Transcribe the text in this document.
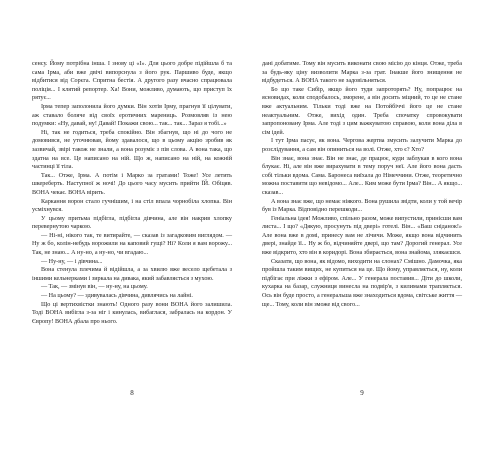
сенсу. Йому потрібна інша. І знову ці «І». Для цього добре підійшла б та сама Ірма, аби вже двічі випорснула з його рук. Паршиво буде, якщо відбитися від Сорєга. Спритна бестія. А другого разу вчасно спрацювала поліція... І клятий репортер. Ха! Вони, можливо, думають, що приступ їх рятує...

Ірма тепер заполонила його думки. Він хотів Ірму, прагнув її цілувати, аж ставало боляче від своїх еротичних марениць. Розмовляв із нею подумки: «Ну, давай, ну! Давай! Покажи свою... так... так... Зараз я тобі...»

Ні, так не годиться, треба спокійно. Він збагнув, що ні до чого не домовився, не уточнював, йому здавалося, що в цьому акцію зробив як зазвичай, звірі також не знали, а вона розуміє з пів слова. А вона така, що здатна на все. Це написано на ній. Що ж, написано на ній, на кожній частинці її тіла.

Так... Отже, Ірма. А потім і Марко за гратами! Тоже! Усе летить шкереберть. Наступної ж ночі! До цього часу мусить прийти ЇЙ. Обіцяв. ВОНА чекає. ВОНА вірить.

Каркання ворон стало гучнішим, і на стіл впала чорнобіла хлопка. Він усміхнувся.

У цьому притьма підбігла, підбігла дівчина, але він накрив хлопку перевернутою чаркою.

— Ні-ні, нікого так, те витирайте, — сказав із загадковим виглядом. — Ну ж бо, колін-небудь ворожили на каповий гущі? Ні? Коли я вам ворожу... Так, не знаю... А ну-но, а ну-но, чи вгадаю...

— Ну-ну, — і дівчина...

Вона стенула плечима й відійшла, а за хвилю вже весело щебетала з іншими кельнерками і зиркала на дивака, який забавляється з мухою.

— Так, — змінув він, — ну-ну, на цьому.

— На цьому? — здивувалась дівчина, дивлячись на лайні.

Що ці вертихвістки знають! Одного разу вони ВОНА його залишила. Тоді ВОНА вибігла з-за ніг і кинулась, вибаглася, забралась на кордон. У Європу! ВОНА дбала про нього.

8

дані добатиме. Тому він мусить виконати свою місію до кінця. Отже, треба за будь-яку ціну визволити Марка з-за грат. Інакше його знищення не відбудеться. А ВОНА такого не задовільняться.

Бо що таке Сибір, якщо його туди запроторять? Ну, попрацює на ясновидах, коли сподобалось, зморене, а він досить міцний, то це не стане вже актуальним. Тільки тоді вже на Потойбіччі його це не стане неактуальним. Отже, вихід один. Треба спочатку спровокувати запропоновану Ірма. Але тоді з цим важкуватою справою, коли вона діла в сім ідей.

І тут Ірма пасує, як вона. Черговa жертва змусить залучити Марка до розслідування, а сам він опиниться на волі. Отже, хто є? Хто?

Він знає, вона знає. Він не знає, де працює, куди заблукав в кого вона блукає. Ні, але він вже вирахувати в тему поруч неї. Але його вона дасть собі тільки вдома. Сама. Баронеса виїхала до Німеччини. Отже, теоретично можна поставити що невідомо... Але... Ким може бути Ірма? Він... А якщо... сказав...

А вона знає вже, що немає ніякого. Вона рушила звідти, коли у той вечір був із Марка. Відповідно перешкоди...

Геніальна ідея! Можливо, спільно разом, може випустили, принісши вам листа... І що? «Дякую, просунуть під двері» готелі. Він... «Ваш сніданок!» Але вона вже в домі, принесу вам не лічичи. Може, якщо вона відчинить двері, знайде її... Ну ж бо, відчиняйте двері, що там? Дорогий генерал. Усе вже відкрито, хто він в коридорі. Вона збирається, вона знайома, злякаєшся.

Сказати, що вона, як відомо, виходити на слонах? Смішно. Дамочка, яка пройшла таким вищих, не купиться на це. Що йому, управляється, ну, коли підбігає при ліжки з ефіром. Але... У генерала поставив... Діти до школи, кухарка на базар, служниця винесла на подвір'я, з килимами трапляється. Ось він буде просто, а генеральша вже знаходиться вдома, світське життя — ще... Тому, коли він зможе від свого...

9
